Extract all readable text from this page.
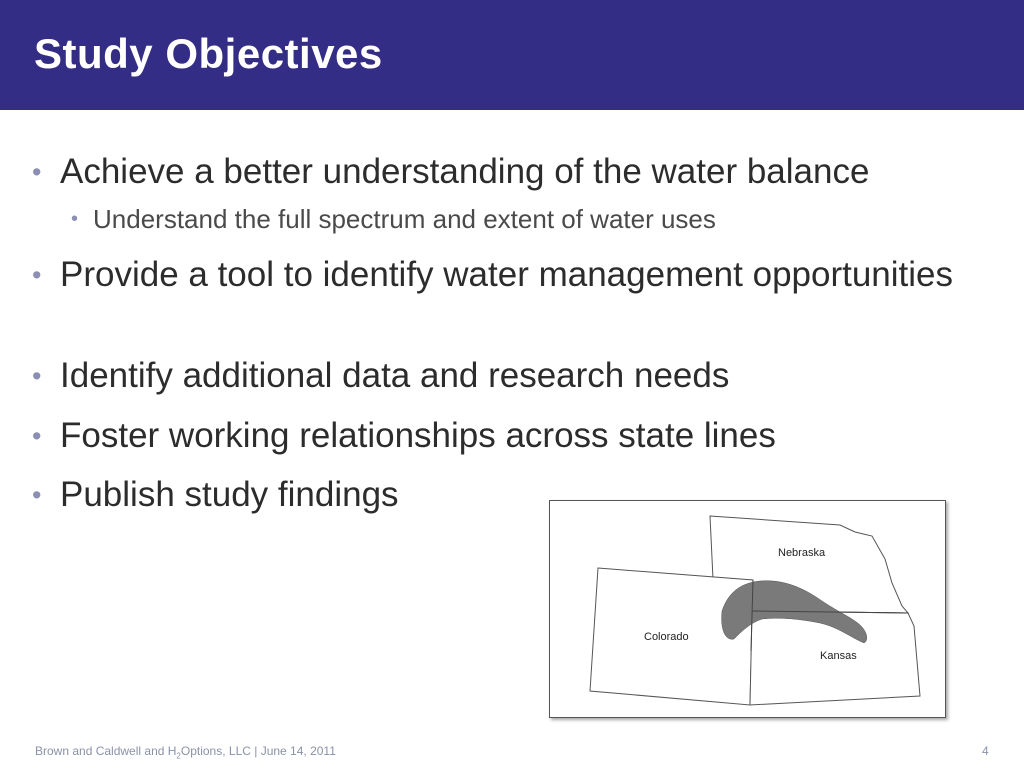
Study Objectives
• Achieve a better understanding of the water balance
• Understand the full spectrum and extent of water uses
• Provide a tool to identify water management opportunities
• Identify additional data and research needs
• Foster working relationships across state lines
• Publish study findings
Nebraska
Colorado
Kansas
Brown and Caldwell and $H_2Options$, LLC | June 14, 2011	4
